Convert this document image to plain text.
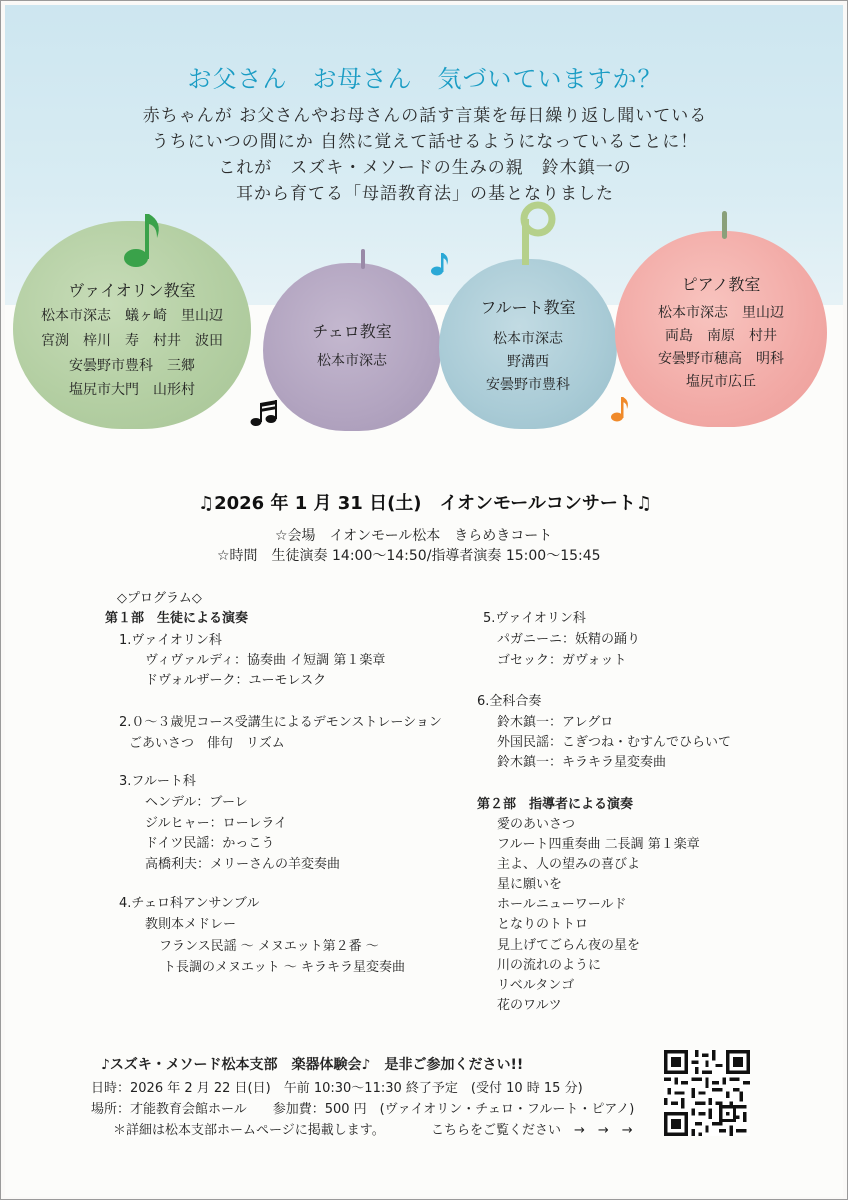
お父さん　お母さん　気づいていますか？
赤ちゃんが お父さんやお母さんの話す言葉を毎日繰り返し聞いている
うちにいつの間にか 自然に覚えて話せるようになっていることに！
これが　スズキ・メソードの生みの親　鈴木鎮一の
耳から育てる「母語教育法」の基となりました
ヴァイオリン教室
松本市深志　蟻ヶ崎　里山辺
宮渕　梓川　寿　村井　波田
安曇野市豊科　三郷
塩尻市大門　山形村
チェロ教室
松本市深志
フルート教室
松本市深志
野溝西
安曇野市豊科
ピアノ教室
松本市深志　里山辺
両島　南原　村井
安曇野市穂高　明科
塩尻市広丘
♫2026 年 1 月 31 日(土)　イオンモールコンサート♫
☆会場　イオンモール松本　きらめきコート
☆時間　生徒演奏 14:00～14:50/指導者演奏 15:00～15:45
◇プログラム◇
第１部　生徒による演奏
1.ヴァイオリン科
ヴィヴァルディ：協奏曲 イ短調 第１楽章
ドヴォルザーク：ユーモレスク
2.０～３歳児コース受講生によるデモンストレーション
ごあいさつ　俳句　リズム
3.フルート科
ヘンデル：ブーレ
ジルヒャー：ローレライ
ドイツ民謡：かっこう
高橋利夫：メリーさんの羊変奏曲
4.チェロ科アンサンブル
教則本メドレー
フランス民謡 ～ メヌエット第２番 ～
ト長調のメヌエット ～ キラキラ星変奏曲
5.ヴァイオリン科
パガニーニ：妖精の踊り
ゴセック：ガヴォット
6.全科合奏
鈴木鎮一：アレグロ
外国民謡：こぎつね・むすんでひらいて
鈴木鎮一：キラキラ星変奏曲
第２部　指導者による演奏
愛のあいさつ
フルート四重奏曲 二長調 第１楽章
主よ、人の望みの喜びよ
星に願いを
ホールニューワールド
となりのトトロ
見上げてごらん夜の星を
川の流れのように
リベルタンゴ
花のワルツ
♪スズキ・メソード松本支部　楽器体験会♪　是非ご参加ください!!
日時：2026 年 2 月 22 日(日)　午前 10:30～11:30 終了予定　(受付 10 時 15 分)
場所：才能教育会館ホール　　参加費：500 円　(ヴァイオリン・チェロ・フルート・ピアノ)
＊詳細は松本支部ホームページに掲載します。	こちらをご覧ください　→　→　→
